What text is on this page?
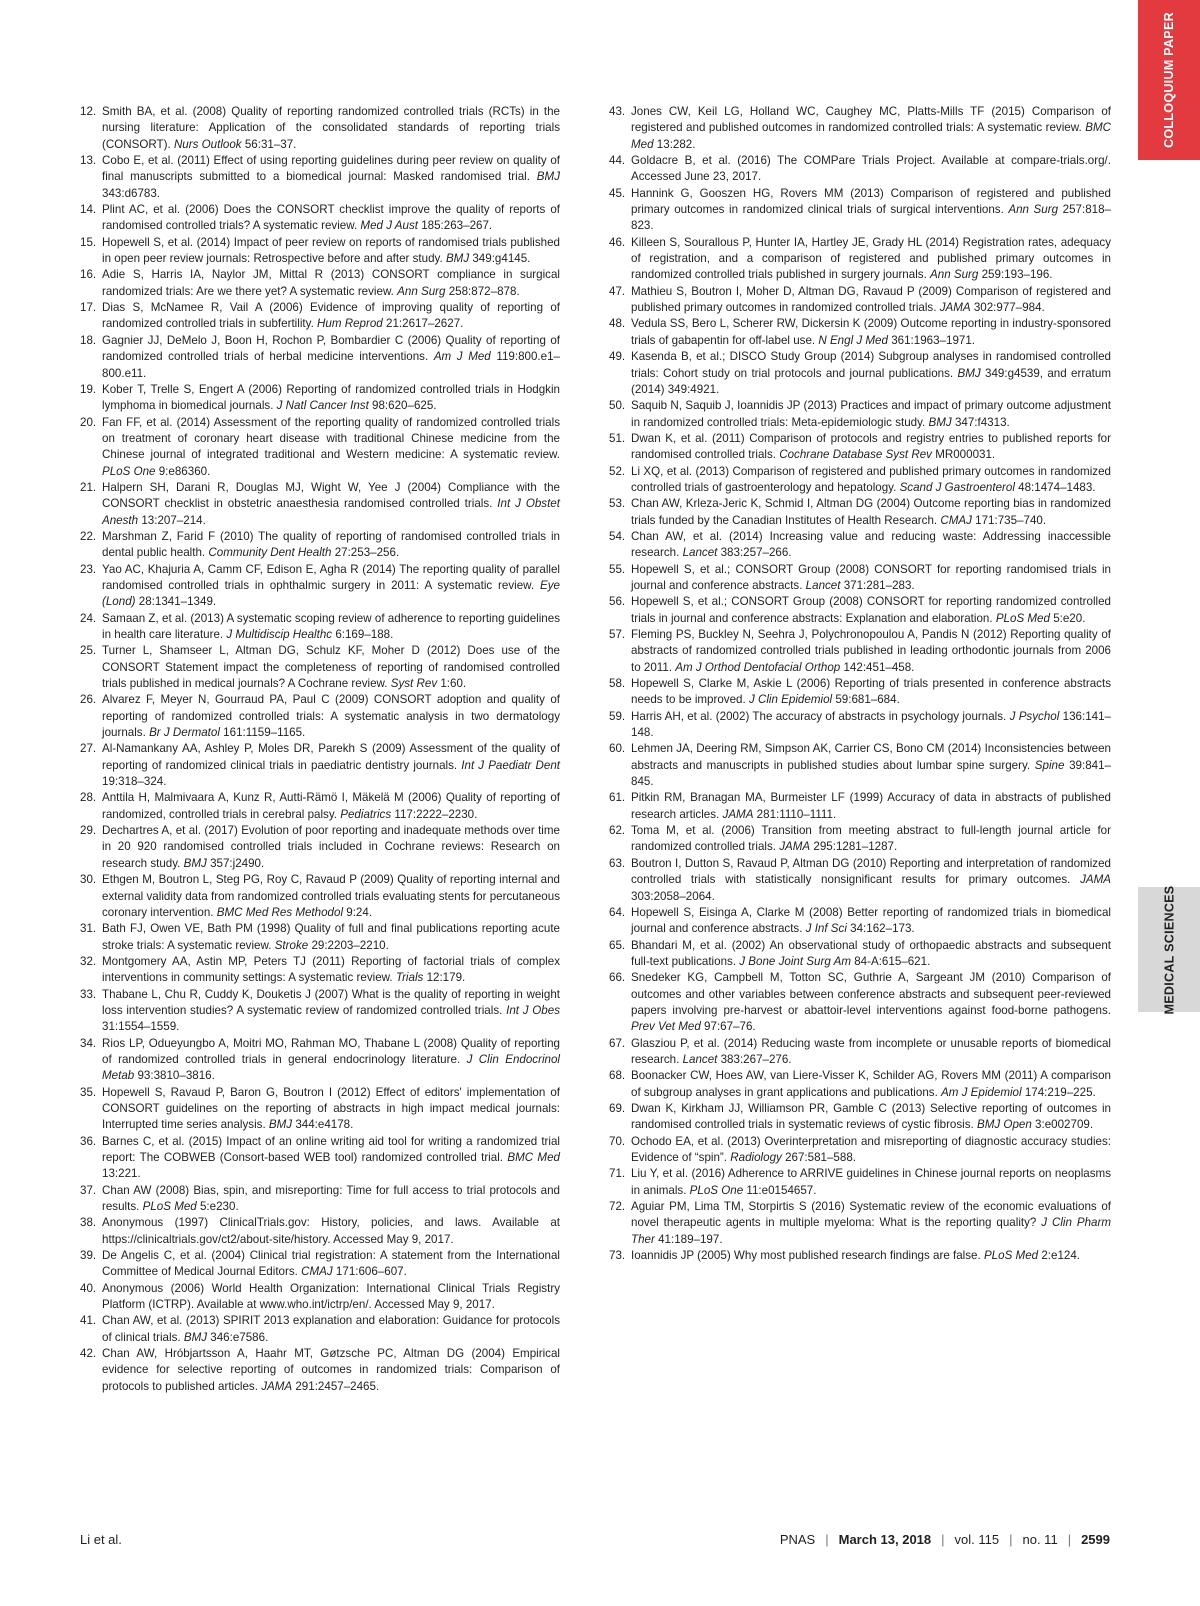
COLLOQUIUM PAPER
MEDICAL SCIENCES
12. Smith BA, et al. (2008) Quality of reporting randomized controlled trials (RCTs) in the nursing literature: Application of the consolidated standards of reporting trials (CONSORT). Nurs Outlook 56:31–37.
13. Cobo E, et al. (2011) Effect of using reporting guidelines during peer review on quality of final manuscripts submitted to a biomedical journal: Masked randomised trial. BMJ 343:d6783.
14. Plint AC, et al. (2006) Does the CONSORT checklist improve the quality of reports of randomised controlled trials? A systematic review. Med J Aust 185:263–267.
15. Hopewell S, et al. (2014) Impact of peer review on reports of randomised trials published in open peer review journals: Retrospective before and after study. BMJ 349:g4145.
16. Adie S, Harris IA, Naylor JM, Mittal R (2013) CONSORT compliance in surgical randomized trials: Are we there yet? A systematic review. Ann Surg 258:872–878.
17. Dias S, McNamee R, Vail A (2006) Evidence of improving quality of reporting of randomized controlled trials in subfertility. Hum Reprod 21:2617–2627.
18. Gagnier JJ, DeMelo J, Boon H, Rochon P, Bombardier C (2006) Quality of reporting of randomized controlled trials of herbal medicine interventions. Am J Med 119:800.e1–800.e11.
19. Kober T, Trelle S, Engert A (2006) Reporting of randomized controlled trials in Hodgkin lymphoma in biomedical journals. J Natl Cancer Inst 98:620–625.
20. Fan FF, et al. (2014) Assessment of the reporting quality of randomized controlled trials on treatment of coronary heart disease with traditional Chinese medicine from the Chinese journal of integrated traditional and Western medicine: A systematic review. PLoS One 9:e86360.
21. Halpern SH, Darani R, Douglas MJ, Wight W, Yee J (2004) Compliance with the CONSORT checklist in obstetric anaesthesia randomised controlled trials. Int J Obstet Anesth 13:207–214.
22. Marshman Z, Farid F (2010) The quality of reporting of randomised controlled trials in dental public health. Community Dent Health 27:253–256.
23. Yao AC, Khajuria A, Camm CF, Edison E, Agha R (2014) The reporting quality of parallel randomised controlled trials in ophthalmic surgery in 2011: A systematic review. Eye (Lond) 28:1341–1349.
24. Samaan Z, et al. (2013) A systematic scoping review of adherence to reporting guidelines in health care literature. J Multidiscip Healthc 6:169–188.
25. Turner L, Shamseer L, Altman DG, Schulz KF, Moher D (2012) Does use of the CONSORT Statement impact the completeness of reporting of randomised controlled trials published in medical journals? A Cochrane review. Syst Rev 1:60.
26. Alvarez F, Meyer N, Gourraud PA, Paul C (2009) CONSORT adoption and quality of reporting of randomized controlled trials: A systematic analysis in two dermatology journals. Br J Dermatol 161:1159–1165.
27. Al-Namankany AA, Ashley P, Moles DR, Parekh S (2009) Assessment of the quality of reporting of randomized clinical trials in paediatric dentistry journals. Int J Paediatr Dent 19:318–324.
28. Anttila H, Malmivaara A, Kunz R, Autti-Rämö I, Mäkelä M (2006) Quality of reporting of randomized, controlled trials in cerebral palsy. Pediatrics 117:2222–2230.
29. Dechartres A, et al. (2017) Evolution of poor reporting and inadequate methods over time in 20 920 randomised controlled trials included in Cochrane reviews: Research on research study. BMJ 357:j2490.
30. Ethgen M, Boutron L, Steg PG, Roy C, Ravaud P (2009) Quality of reporting internal and external validity data from randomized controlled trials evaluating stents for percutaneous coronary intervention. BMC Med Res Methodol 9:24.
31. Bath FJ, Owen VE, Bath PM (1998) Quality of full and final publications reporting acute stroke trials: A systematic review. Stroke 29:2203–2210.
32. Montgomery AA, Astin MP, Peters TJ (2011) Reporting of factorial trials of complex interventions in community settings: A systematic review. Trials 12:179.
33. Thabane L, Chu R, Cuddy K, Douketis J (2007) What is the quality of reporting in weight loss intervention studies? A systematic review of randomized controlled trials. Int J Obes 31:1554–1559.
34. Rios LP, Odueyungbo A, Moitri MO, Rahman MO, Thabane L (2008) Quality of reporting of randomized controlled trials in general endocrinology literature. J Clin Endocrinol Metab 93:3810–3816.
35. Hopewell S, Ravaud P, Baron G, Boutron I (2012) Effect of editors' implementation of CONSORT guidelines on the reporting of abstracts in high impact medical journals: Interrupted time series analysis. BMJ 344:e4178.
36. Barnes C, et al. (2015) Impact of an online writing aid tool for writing a randomized trial report: The COBWEB (Consort-based WEB tool) randomized controlled trial. BMC Med 13:221.
37. Chan AW (2008) Bias, spin, and misreporting: Time for full access to trial protocols and results. PLoS Med 5:e230.
38. Anonymous (1997) ClinicalTrials.gov: History, policies, and laws. Available at https://clinicaltrials.gov/ct2/about-site/history. Accessed May 9, 2017.
39. De Angelis C, et al. (2004) Clinical trial registration: A statement from the International Committee of Medical Journal Editors. CMAJ 171:606–607.
40. Anonymous (2006) World Health Organization: International Clinical Trials Registry Platform (ICTRP). Available at www.who.int/ictrp/en/. Accessed May 9, 2017.
41. Chan AW, et al. (2013) SPIRIT 2013 explanation and elaboration: Guidance for protocols of clinical trials. BMJ 346:e7586.
42. Chan AW, Hróbjartsson A, Haahr MT, Gøtzsche PC, Altman DG (2004) Empirical evidence for selective reporting of outcomes in randomized trials: Comparison of protocols to published articles. JAMA 291:2457–2465.
43. Jones CW, Keil LG, Holland WC, Caughey MC, Platts-Mills TF (2015) Comparison of registered and published outcomes in randomized controlled trials: A systematic review. BMC Med 13:282.
44. Goldacre B, et al. (2016) The COMPare Trials Project. Available at compare-trials.org/. Accessed June 23, 2017.
45. Hannink G, Gooszen HG, Rovers MM (2013) Comparison of registered and published primary outcomes in randomized clinical trials of surgical interventions. Ann Surg 257:818–823.
46. Killeen S, Sourallous P, Hunter IA, Hartley JE, Grady HL (2014) Registration rates, adequacy of registration, and a comparison of registered and published primary outcomes in randomized controlled trials published in surgery journals. Ann Surg 259:193–196.
47. Mathieu S, Boutron I, Moher D, Altman DG, Ravaud P (2009) Comparison of registered and published primary outcomes in randomized controlled trials. JAMA 302:977–984.
48. Vedula SS, Bero L, Scherer RW, Dickersin K (2009) Outcome reporting in industry-sponsored trials of gabapentin for off-label use. N Engl J Med 361:1963–1971.
49. Kasenda B, et al.; DISCO Study Group (2014) Subgroup analyses in randomised controlled trials: Cohort study on trial protocols and journal publications. BMJ 349:g4539, and erratum (2014) 349:4921.
50. Saquib N, Saquib J, Ioannidis JP (2013) Practices and impact of primary outcome adjustment in randomized controlled trials: Meta-epidemiologic study. BMJ 347:f4313.
51. Dwan K, et al. (2011) Comparison of protocols and registry entries to published reports for randomised controlled trials. Cochrane Database Syst Rev MR000031.
52. Li XQ, et al. (2013) Comparison of registered and published primary outcomes in randomized controlled trials of gastroenterology and hepatology. Scand J Gastroenterol 48:1474–1483.
53. Chan AW, Krleza-Jeric K, Schmid I, Altman DG (2004) Outcome reporting bias in randomized trials funded by the Canadian Institutes of Health Research. CMAJ 171:735–740.
54. Chan AW, et al. (2014) Increasing value and reducing waste: Addressing inaccessible research. Lancet 383:257–266.
55. Hopewell S, et al.; CONSORT Group (2008) CONSORT for reporting randomised trials in journal and conference abstracts. Lancet 371:281–283.
56. Hopewell S, et al.; CONSORT Group (2008) CONSORT for reporting randomized controlled trials in journal and conference abstracts: Explanation and elaboration. PLoS Med 5:e20.
57. Fleming PS, Buckley N, Seehra J, Polychronopoulou A, Pandis N (2012) Reporting quality of abstracts of randomized controlled trials published in leading orthodontic journals from 2006 to 2011. Am J Orthod Dentofacial Orthop 142:451–458.
58. Hopewell S, Clarke M, Askie L (2006) Reporting of trials presented in conference abstracts needs to be improved. J Clin Epidemiol 59:681–684.
59. Harris AH, et al. (2002) The accuracy of abstracts in psychology journals. J Psychol 136:141–148.
60. Lehmen JA, Deering RM, Simpson AK, Carrier CS, Bono CM (2014) Inconsistencies between abstracts and manuscripts in published studies about lumbar spine surgery. Spine 39:841–845.
61. Pitkin RM, Branagan MA, Burmeister LF (1999) Accuracy of data in abstracts of published research articles. JAMA 281:1110–1111.
62. Toma M, et al. (2006) Transition from meeting abstract to full-length journal article for randomized controlled trials. JAMA 295:1281–1287.
63. Boutron I, Dutton S, Ravaud P, Altman DG (2010) Reporting and interpretation of randomized controlled trials with statistically nonsignificant results for primary outcomes. JAMA 303:2058–2064.
64. Hopewell S, Eisinga A, Clarke M (2008) Better reporting of randomized trials in biomedical journal and conference abstracts. J Inf Sci 34:162–173.
65. Bhandari M, et al. (2002) An observational study of orthopaedic abstracts and subsequent full-text publications. J Bone Joint Surg Am 84-A:615–621.
66. Snedeker KG, Campbell M, Totton SC, Guthrie A, Sargeant JM (2010) Comparison of outcomes and other variables between conference abstracts and subsequent peer-reviewed papers involving pre-harvest or abattoir-level interventions against food-borne pathogens. Prev Vet Med 97:67–76.
67. Glasziou P, et al. (2014) Reducing waste from incomplete or unusable reports of biomedical research. Lancet 383:267–276.
68. Boonacker CW, Hoes AW, van Liere-Visser K, Schilder AG, Rovers MM (2011) A comparison of subgroup analyses in grant applications and publications. Am J Epidemiol 174:219–225.
69. Dwan K, Kirkham JJ, Williamson PR, Gamble C (2013) Selective reporting of outcomes in randomised controlled trials in systematic reviews of cystic fibrosis. BMJ Open 3:e002709.
70. Ochodo EA, et al. (2013) Overinterpretation and misreporting of diagnostic accuracy studies: Evidence of “spin”. Radiology 267:581–588.
71. Liu Y, et al. (2016) Adherence to ARRIVE guidelines in Chinese journal reports on neoplasms in animals. PLoS One 11:e0154657.
72. Aguiar PM, Lima TM, Storpirtis S (2016) Systematic review of the economic evaluations of novel therapeutic agents in multiple myeloma: What is the reporting quality? J Clin Pharm Ther 41:189–197.
73. Ioannidis JP (2005) Why most published research findings are false. PLoS Med 2:e124.
Li et al.	PNAS | March 13, 2018 | vol. 115 | no. 11 | 2599
